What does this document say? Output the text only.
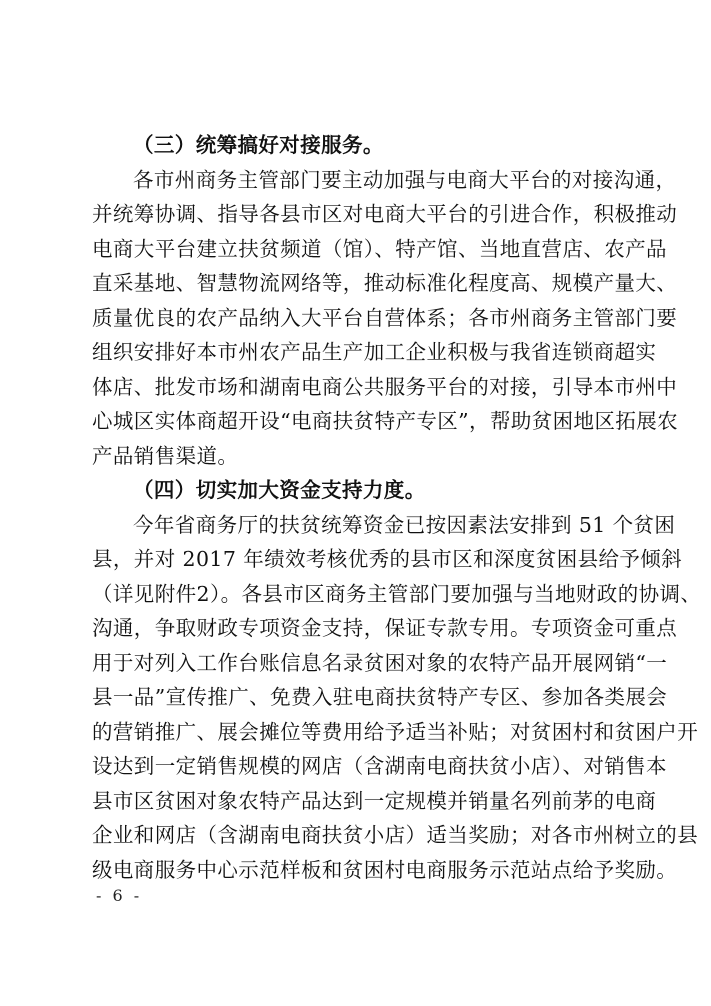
（三）统筹搞好对接服务。
各市州商务主管部门要主动加强与电商大平台的对接沟通，
并统筹协调、指导各县市区对电商大平台的引进合作，积极推动
电商大平台建立扶贫频道（馆）、特产馆、当地直营店、农产品
直采基地、智慧物流网络等，推动标准化程度高、规模产量大、
质量优良的农产品纳入大平台自营体系；各市州商务主管部门要
组织安排好本市州农产品生产加工企业积极与我省连锁商超实
体店、批发市场和湖南电商公共服务平台的对接，引导本市州中
心城区实体商超开设“电商扶贫特产专区”，帮助贫困地区拓展农
产品销售渠道。
（四）切实加大资金支持力度。
今年省商务厅的扶贫统筹资金已按因素法安排到 51 个贫困
县，并对 2017 年绩效考核优秀的县市区和深度贫困县给予倾斜
（详见附件2）。各县市区商务主管部门要加强与当地财政的协调、
沟通，争取财政专项资金支持，保证专款专用。专项资金可重点
用于对列入工作台账信息名录贫困对象的农特产品开展网销“一
县一品”宣传推广、免费入驻电商扶贫特产专区、参加各类展会
的营销推广、展会摊位等费用给予适当补贴；对贫困村和贫困户开
设达到一定销售规模的网店（含湖南电商扶贫小店）、对销售本
县市区贫困对象农特产品达到一定规模并销量名列前茅的电商
企业和网店（含湖南电商扶贫小店）适当奖励；对各市州树立的县
级电商服务中心示范样板和贫困村电商服务示范站点给予奖励。
- 6 -
